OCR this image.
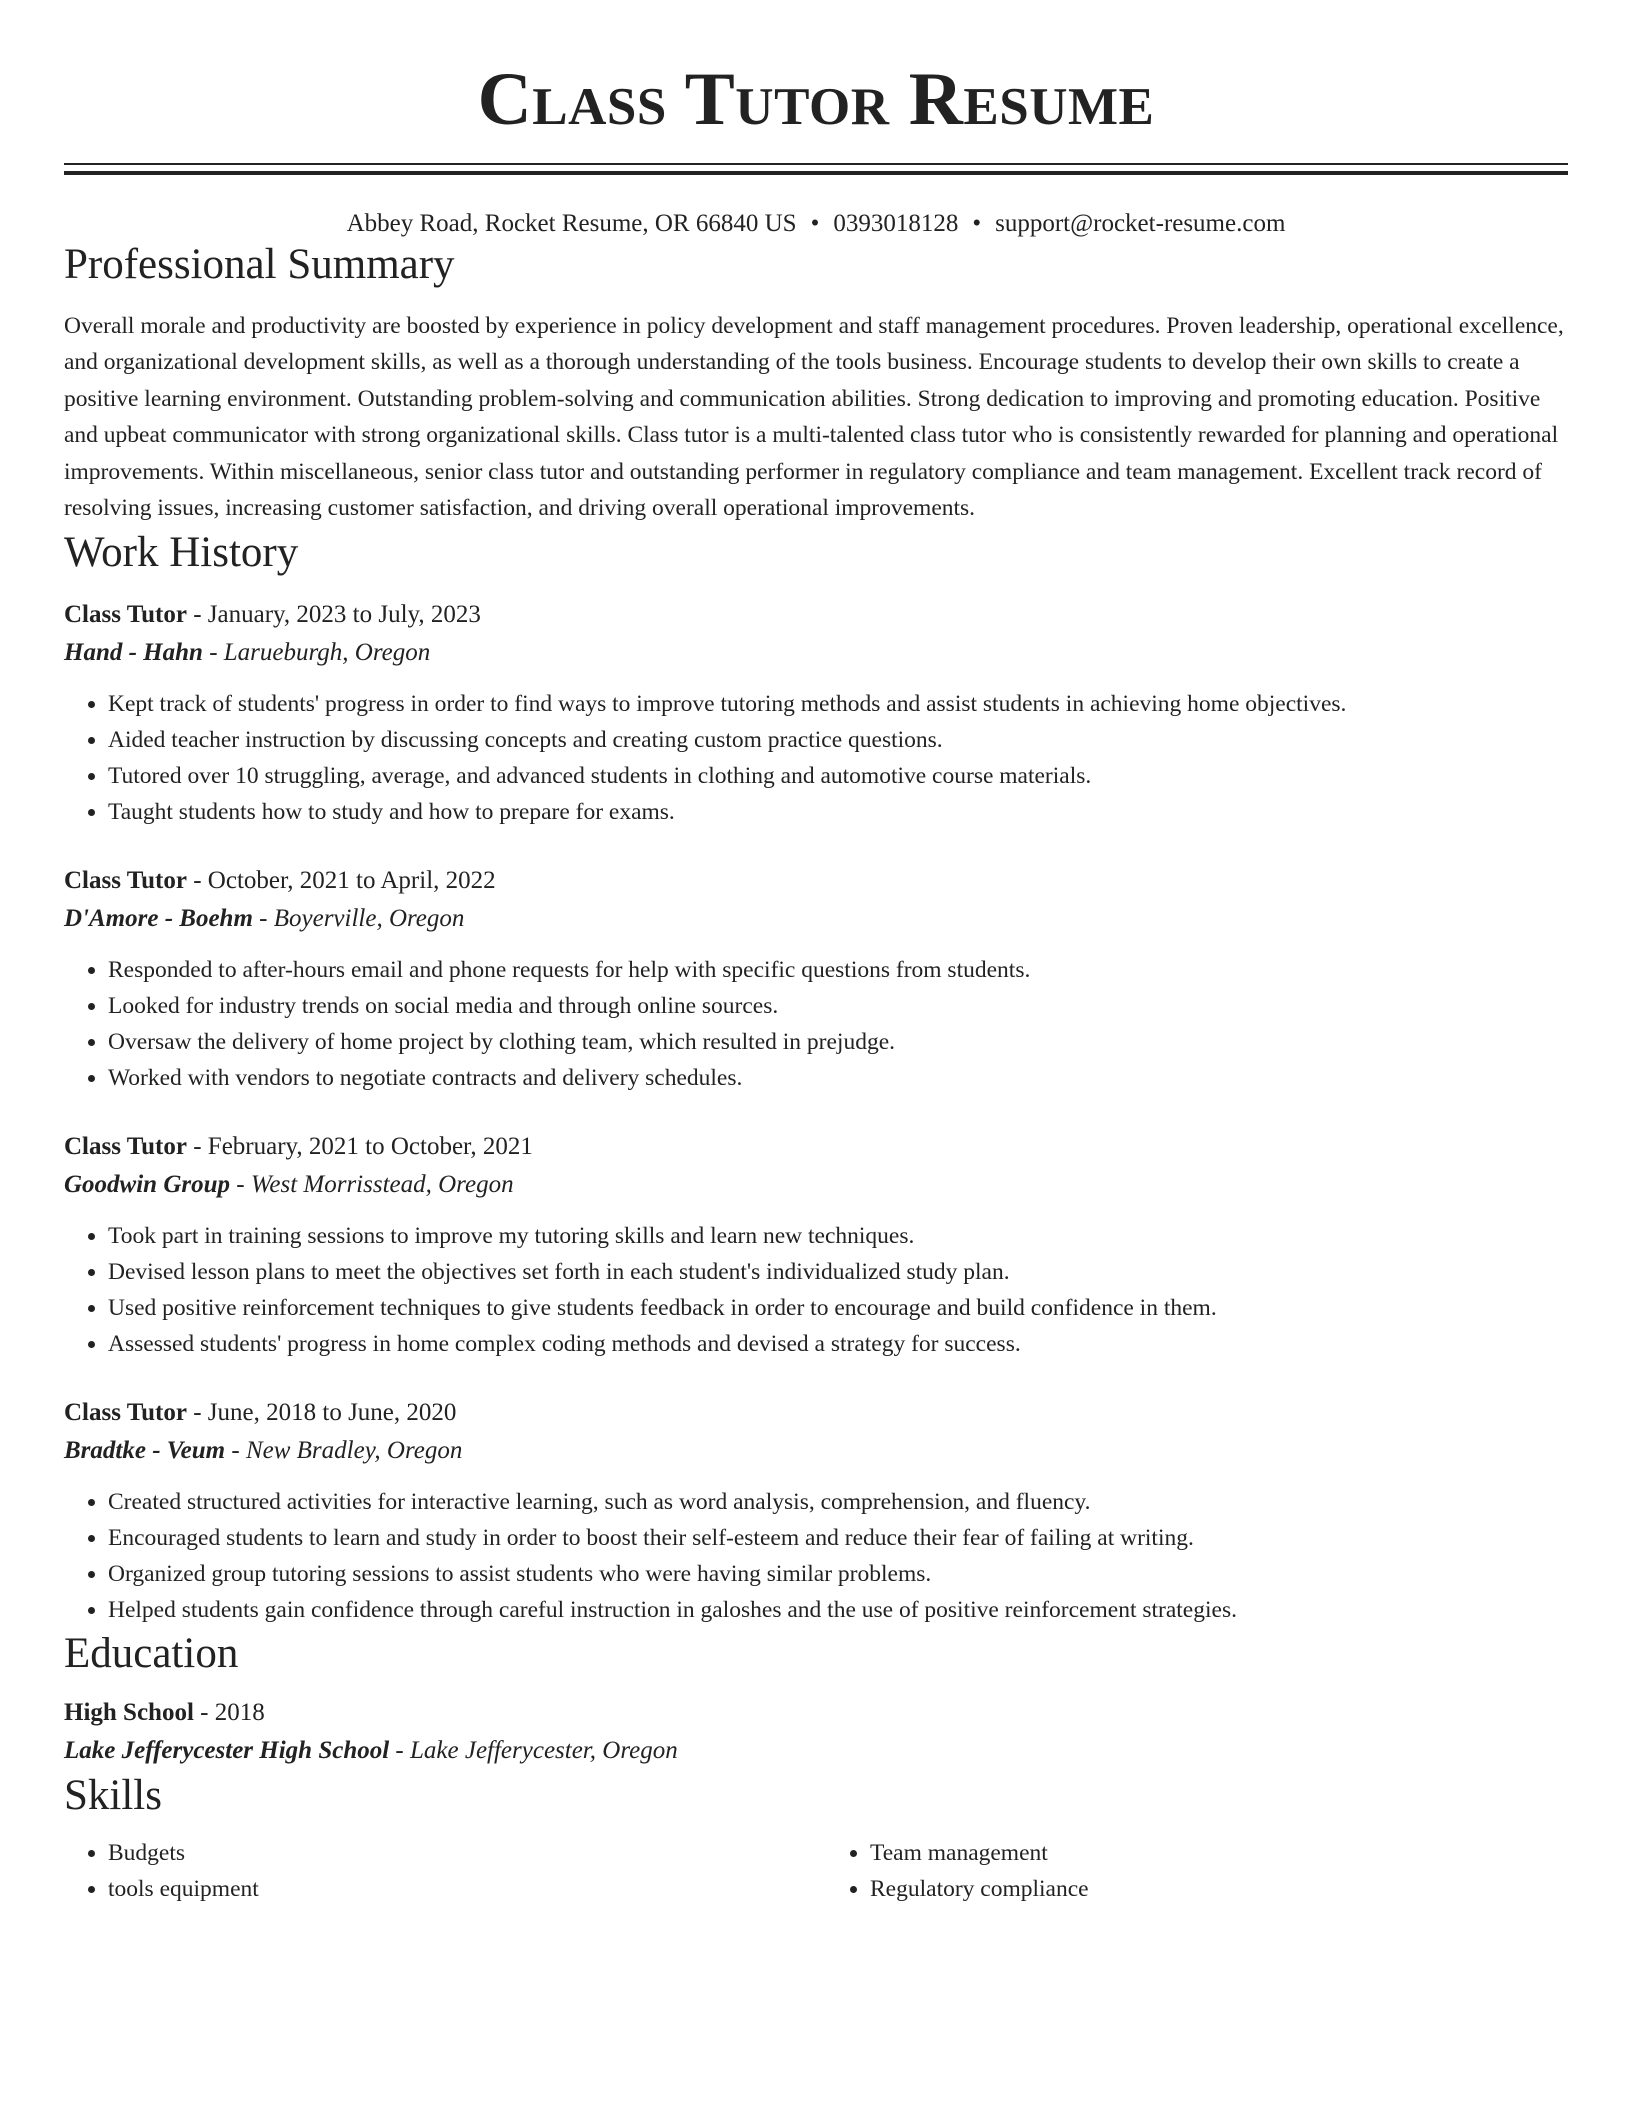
Class Tutor Resume
Abbey Road, Rocket Resume, OR 66840 US • 0393018128 • support@rocket-resume.com
Professional Summary

Overall morale and productivity are boosted by experience in policy development and staff management procedures. Proven leadership, operational excellence, and organizational development skills, as well as a thorough understanding of the tools business. Encourage students to develop their own skills to create a positive learning environment. Outstanding problem-solving and communication abilities. Strong dedication to improving and promoting education. Positive and upbeat communicator with strong organizational skills. Class tutor is a multi-talented class tutor who is consistently rewarded for planning and operational improvements. Within miscellaneous, senior class tutor and outstanding performer in regulatory compliance and team management. Excellent track record of resolving issues, increasing customer satisfaction, and driving overall operational improvements.

Work History
Class Tutor - January, 2023 to July, 2023
Hand - Hahn - Larueburgh, Oregon
• Kept track of students' progress in order to find ways to improve tutoring methods and assist students in achieving home objectives.
• Aided teacher instruction by discussing concepts and creating custom practice questions.
• Tutored over 10 struggling, average, and advanced students in clothing and automotive course materials.
• Taught students how to study and how to prepare for exams.
Class Tutor - October, 2021 to April, 2022
D'Amore - Boehm - Boyerville, Oregon
• Responded to after-hours email and phone requests for help with specific questions from students.
• Looked for industry trends on social media and through online sources.
• Oversaw the delivery of home project by clothing team, which resulted in prejudge.
• Worked with vendors to negotiate contracts and delivery schedules.
Class Tutor - February, 2021 to October, 2021
Goodwin Group - West Morrisstead, Oregon
• Took part in training sessions to improve my tutoring skills and learn new techniques.
• Devised lesson plans to meet the objectives set forth in each student's individualized study plan.
• Used positive reinforcement techniques to give students feedback in order to encourage and build confidence in them.
• Assessed students' progress in home complex coding methods and devised a strategy for success.
Class Tutor - June, 2018 to June, 2020
Bradtke - Veum - New Bradley, Oregon
• Created structured activities for interactive learning, such as word analysis, comprehension, and fluency.
• Encouraged students to learn and study in order to boost their self-esteem and reduce their fear of failing at writing.
• Organized group tutoring sessions to assist students who were having similar problems.
• Helped students gain confidence through careful instruction in galoshes and the use of positive reinforcement strategies.
Education
High School - 2018
Lake Jefferycester High School - Lake Jefferycester, Oregon
Skills
• Budgets
• tools equipment
• Team management
• Regulatory compliance
